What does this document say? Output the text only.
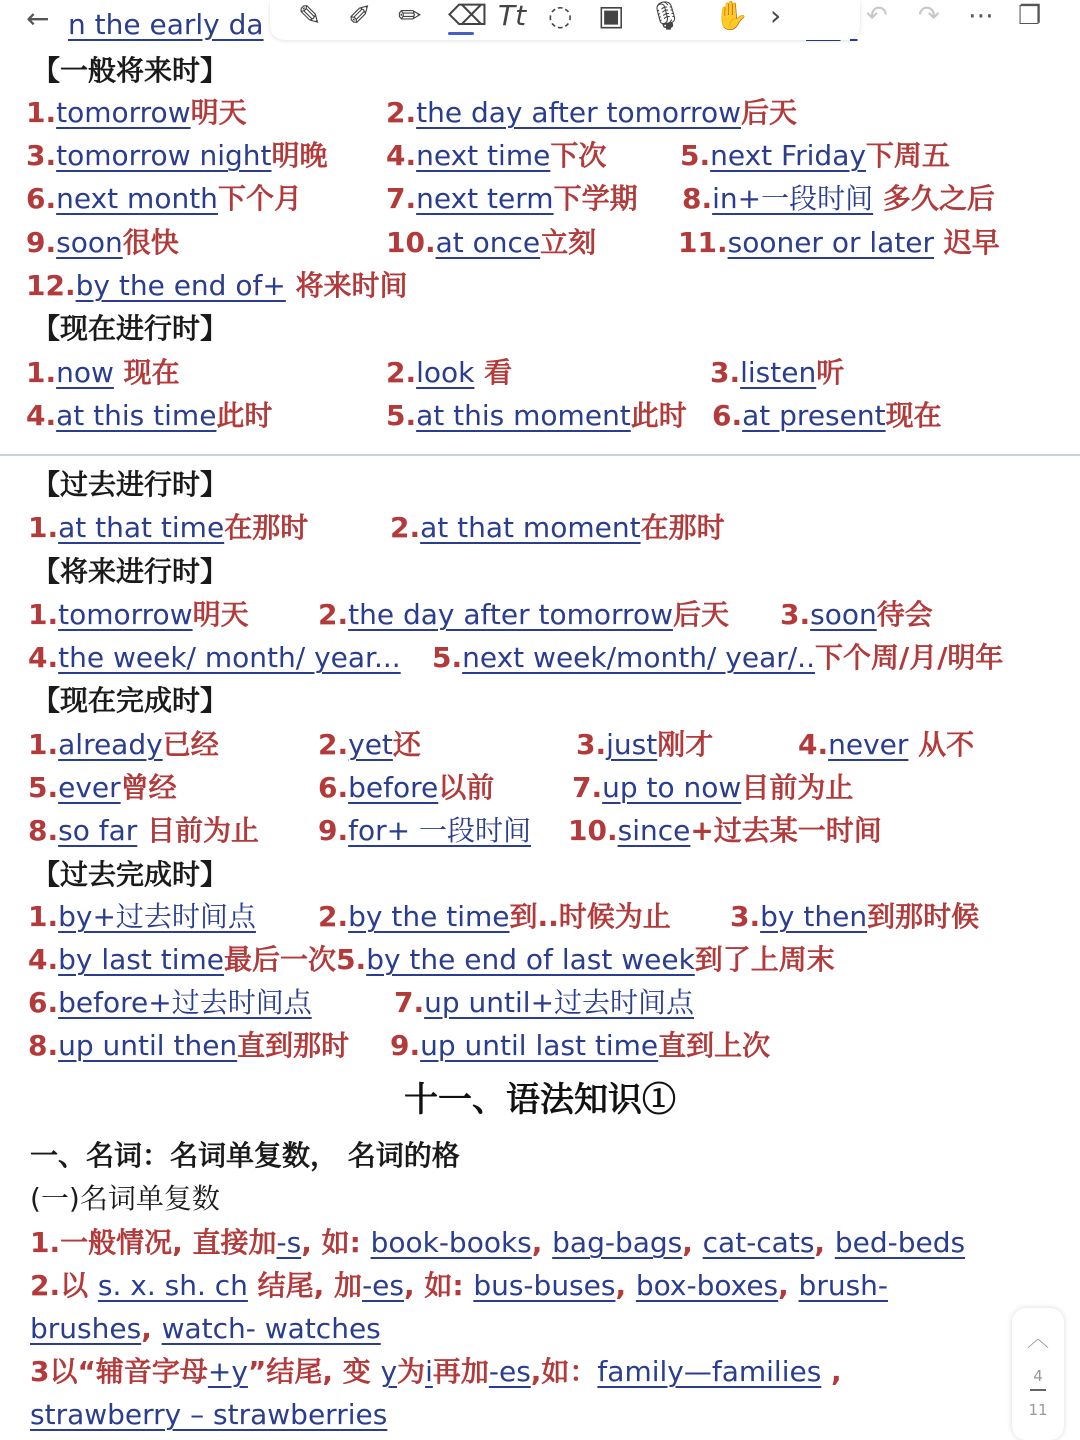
← n the early da ✎ ✐ ✏ ⌫ Tt ◌ ▣ 🎙 ✋ ›	↶ ↷ ⋯ ❐
【一般将来时】
1.tomorrow明天	2.the day after tomorrow后天
3.tomorrow night明晚 4.next time下次	5.next Friday下周五
6.next month下个月	7.next term下学期 8.in+一段时间 多久之后
9.soon很快	10.at once立刻	11.sooner or later 迟早
12.by the end of+ 将来时间
【现在进行时】
1.now 现在	2.look 看	3.listen听
4.at this time此时	5.at this moment此时 6.at present现在
【过去进行时】
1.at that time在那时	2.at that moment在那时
【将来进行时】
1.tomorrow明天 2.the day after tomorrow后天 3.soon待会
4.the week/ month/ year... 5.next week/month/ year/..下个周/月/明年
【现在完成时】
1.already已经	2.yet还	3.just刚才	4.never 从不
5.ever曾经	6.before以前	7.up to now目前为止
8.so far 目前为止 9.for+ 一段时间 10.since+过去某一时间
【过去完成时】
1.by+过去时间点 2.by the time到..时候为止 3.by then到那时候
4.by last time最后一次5.by the end of last week到了上周末
6.before+过去时间点	7.up until+过去时间点
8.up until then直到那时 9.up until last time直到上次
十一、语法知识①
一、名词：名词单复数， 名词的格
(一)名词单复数
1.一般情况, 直接加-s, 如: book-books, bag-bags, cat-cats, bed-beds
2.以 s. x. sh. ch 结尾, 加-es, 如: bus-buses, box-boxes, brush-
brushes, watch- watches
3以“辅音字母+y”结尾, 变 y为i再加-es,如：family—families ,
strawberry – strawberries
︿
4
11
